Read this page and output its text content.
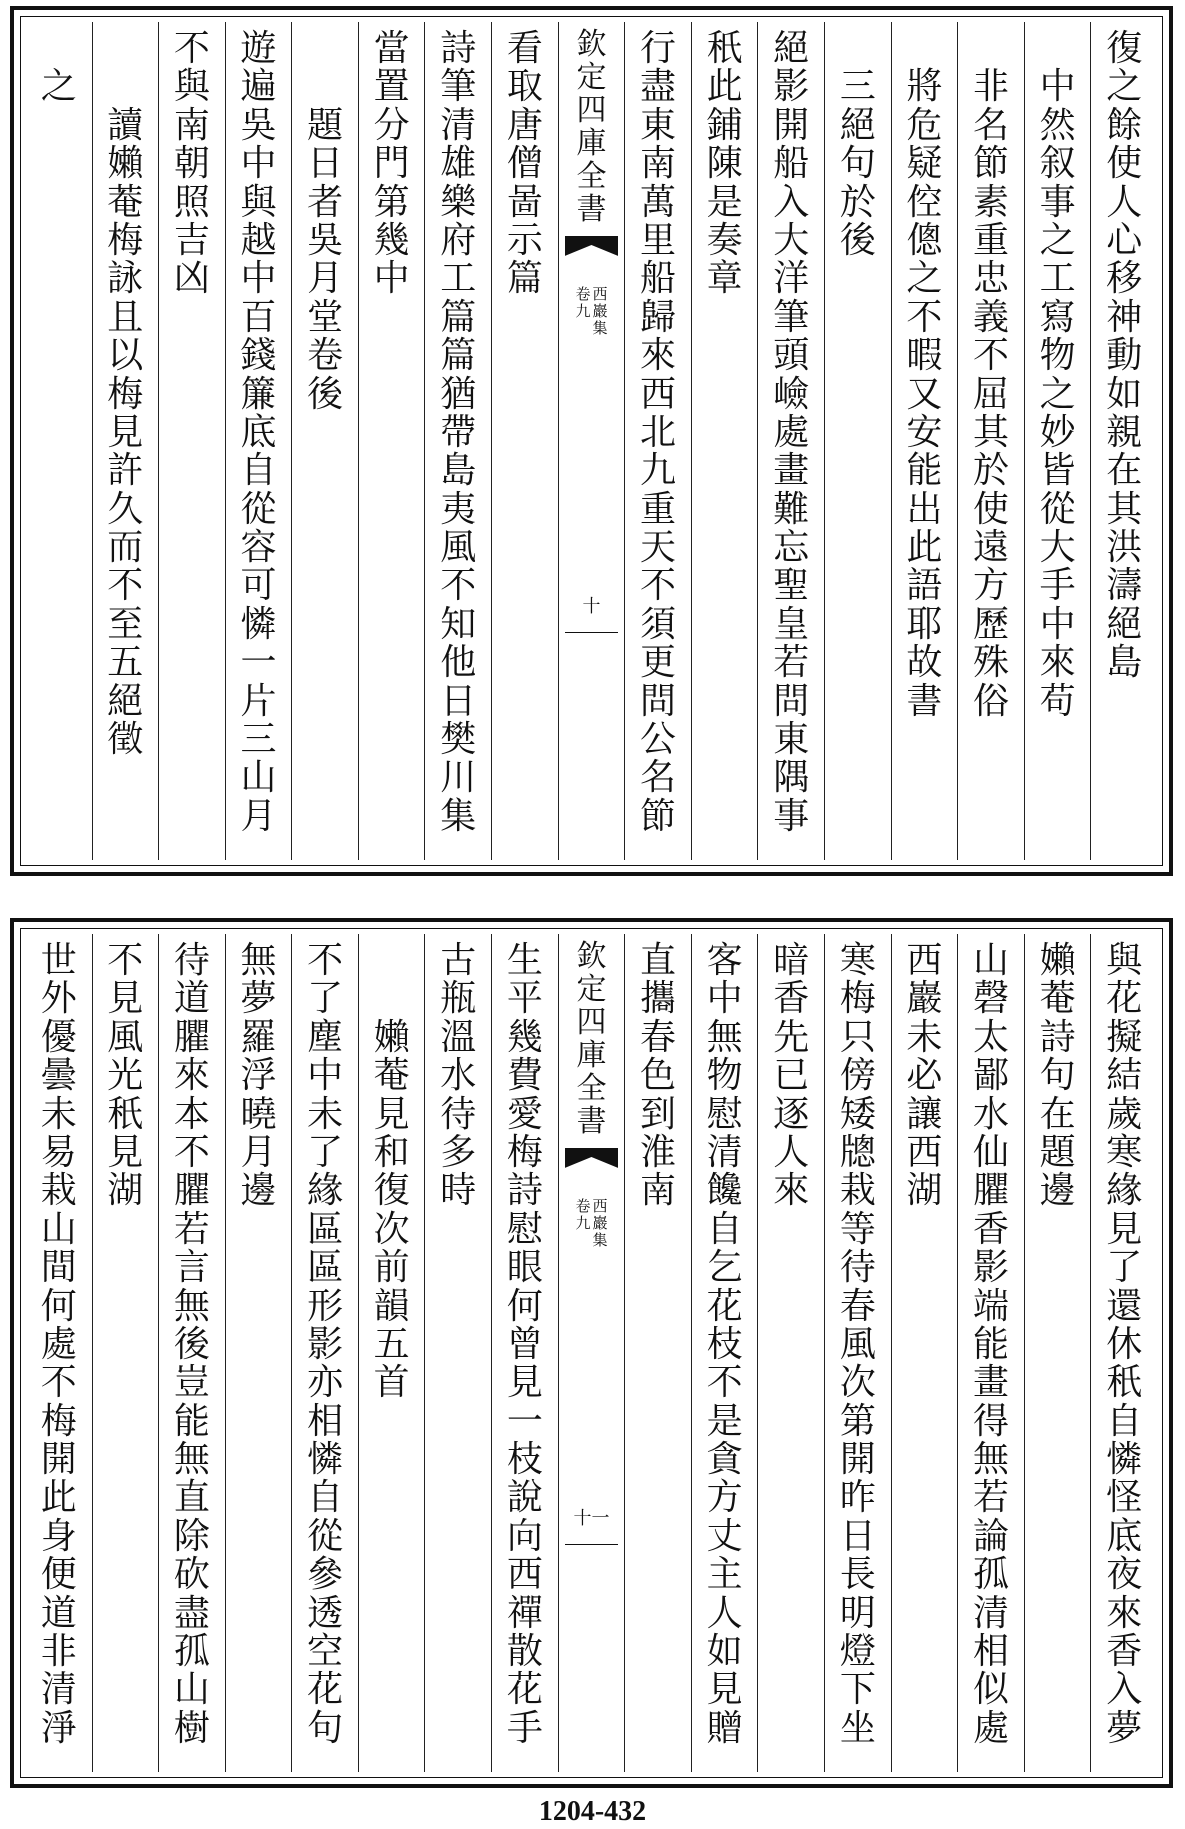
復
之
餘
使
人
心
移
神
動
如
親
在
其
洪
濤
絕
島
中
然
叙
事
之
工
寫
物
之
妙
皆
從
大
手
中
來
苟
非
名
節
素
重
忠
義
不
屈
其
於
使
遠
方
歷
殊
俗
將
危
疑
倥
傯
之
不
暇
又
安
能
出
此
語
耶
故
書
三
絕
句
於
後
絕
影
開
船
入
大
洋
筆
頭
嶮
處
畫
難
忘
聖
皇
若
問
東
隅
事
秖
此
鋪
陳
是
奏
章
行
盡
東
南
萬
里
船
歸
來
西
北
九
重
天
不
須
更
問
公
名
節
欽
定
四
庫
全
書
西
巖
集
卷
九
十
看
取
唐
僧
啚
示
篇
詩
筆
清
雄
樂
府
工
篇
篇
猶
帶
島
夷
風
不
知
他
日
樊
川
集
當
置
分
門
第
幾
中
題
日
者
吳
月
堂
卷
後
遊
遍
吳
中
與
越
中
百
錢
簾
底
自
從
容
可
憐
一
片
三
山
月
不
與
南
朝
照
吉
凶
讀
嬾
菴
梅
詠
且
以
梅
見
許
久
而
不
至
五
絕
徵
之
與
花
擬
結
歲
寒
緣
見
了
還
休
秖
自
憐
怪
底
夜
來
香
入
夢
嬾
菴
詩
句
在
題
邊
山
磬
太
鄙
水
仙
臞
香
影
端
能
畫
得
無
若
論
孤
清
相
似
處
西
巖
未
必
讓
西
湖
寒
梅
只
傍
矮
牕
栽
等
待
春
風
次
第
開
昨
日
長
明
燈
下
坐
暗
香
先
已
逐
人
來
客
中
無
物
慰
清
饞
自
乞
花
枝
不
是
貪
方
丈
主
人
如
見
贈
直
攜
春
色
到
淮
南
欽
定
四
庫
全
書
西
巖
集
卷
九
十一
生
平
幾
費
愛
梅
詩
慰
眼
何
曾
見
一
枝
說
向
西
禪
散
花
手
古
瓶
溫
水
待
多
時
嬾
菴
見
和
復
次
前
韻
五
首
不
了
塵
中
未
了
緣
區
區
形
影
亦
相
憐
自
從
參
透
空
花
句
無
夢
羅
浮
曉
月
邊
待
道
臞
來
本
不
臞
若
言
無
後
豈
能
無
直
除
砍
盡
孤
山
樹
不
見
風
光
秖
見
湖
世
外
優
曇
未
易
栽
山
間
何
處
不
梅
開
此
身
便
道
非
清
淨
1204-432
